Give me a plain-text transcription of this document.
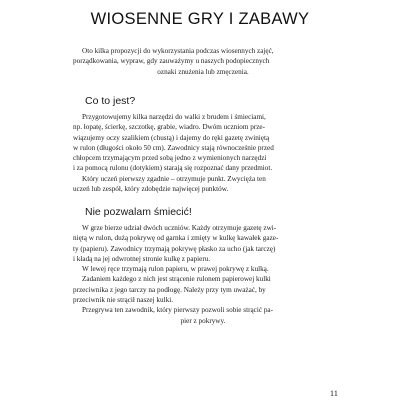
WIOSENNE GRY I ZABAWY
Oto kilka propozycji do wykorzystania podczas wiosennych zajęć,
porządkowania, wypraw, gdy zauważymy u naszych podopiecznych
oznaki znużenia lub zmęczenia.
Co to jest?
Przygotowujemy kilka narzędzi do walki z brudem i śmieciami,
np. łopatę, ścierkę, szczotkę, grabie, wiadro. Dwóm uczniom prze-
wiązujemy oczy szalikiem (chustą) i dajemy do ręki gazetę zwiniętą
w rulon (długości około 50 cm). Zawodnicy stają równocześnie przed
chłopcem trzymającym przed sobą jedno z wymienionych narzędzi
i za pomocą rulonu (dotykiem) starają się rozpoznać dany przedmiot.
Który uczeń pierwszy zgadnie – otrzymuje punkt. Zwycięża ten
uczeń lub zespół, który zdobędzie najwięcej punktów.
Nie pozwalam śmiecić!
W grze bierze udział dwóch uczniów. Każdy otrzymuje gazetę zwi-
niętą w rulon, dużą pokrywę od garnka i zmięty w kulkę kawałek gaze-
ty (papieru). Zawodnicy trzymają pokrywę płasko za ucho (jak tarczę)
i kładą na jej odwrotnej stronie kulkę z papieru.
W lewej ręce trzymają rulon papieru, w prawej pokrywę z kulką.
Zadaniem każdego z nich jest strącenie rulonem papierowej kulki
przeciwnika z jego tarczy na podłogę. Należy przy tym uważać, by
przeciwnik nie strącił naszej kulki.
Przegrywa ten zawodnik, który pierwszy pozwoli sobie strącić pa-
pier z pokrywy.
11
